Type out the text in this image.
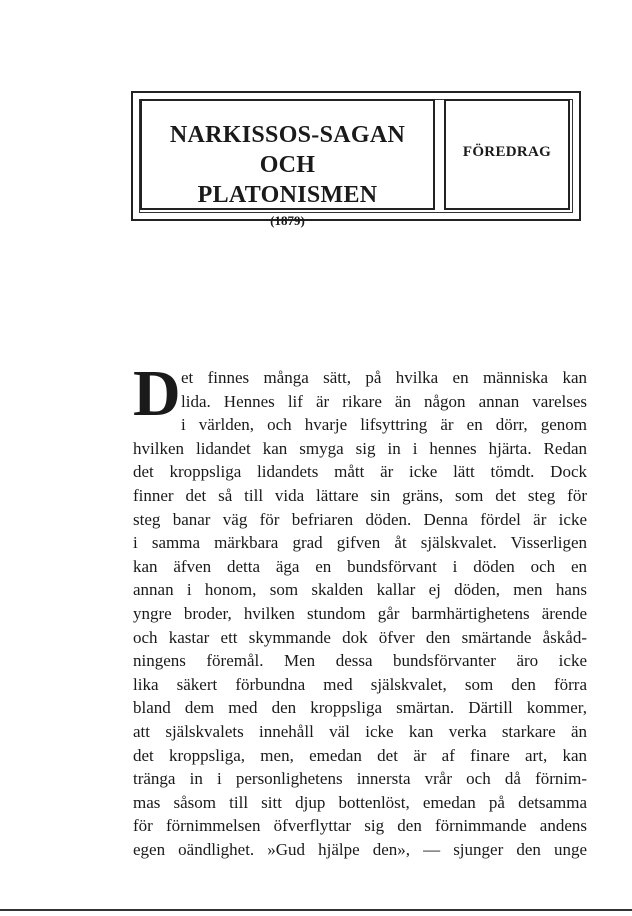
NARKISSOS-SAGAN OCH
PLATONISMEN
(1879)
FÖREDRAG
D et finnes många sätt, på hvilka en människa kan
lida. Hennes lif är rikare än någon annan varelses
i världen, och hvarje lifsyttring är en dörr, genom
hvilken lidandet kan smyga sig in i hennes hjärta. Redan
det kroppsliga lidandets mått är icke lätt tömdt. Dock
finner det så till vida lättare sin gräns, som det steg för
steg banar väg för befriaren döden. Denna fördel är icke
i samma märkbara grad gifven åt själskvalet. Visserligen
kan äfven detta äga en bundsförvant i döden och en
annan i honom, som skalden kallar ej döden, men hans
yngre broder, hvilken stundom går barmhärtighetens ärende
och kastar ett skymmande dok öfver den smärtande åskåd-
ningens föremål. Men dessa bundsförvanter äro icke
lika säkert förbundna med själskvalet, som den förra
bland dem med den kroppsliga smärtan. Därtill kommer,
att själskvalets innehåll väl icke kan verka starkare än
det kroppsliga, men, emedan det är af finare art, kan
tränga in i personlighetens innersta vrår och då förnim-
mas såsom till sitt djup bottenlöst, emedan på detsamma
för förnimmelsen öfverflyttar sig den förnimmande andens
egen oändlighet. »Gud hjälpe den», — sjunger den unge
